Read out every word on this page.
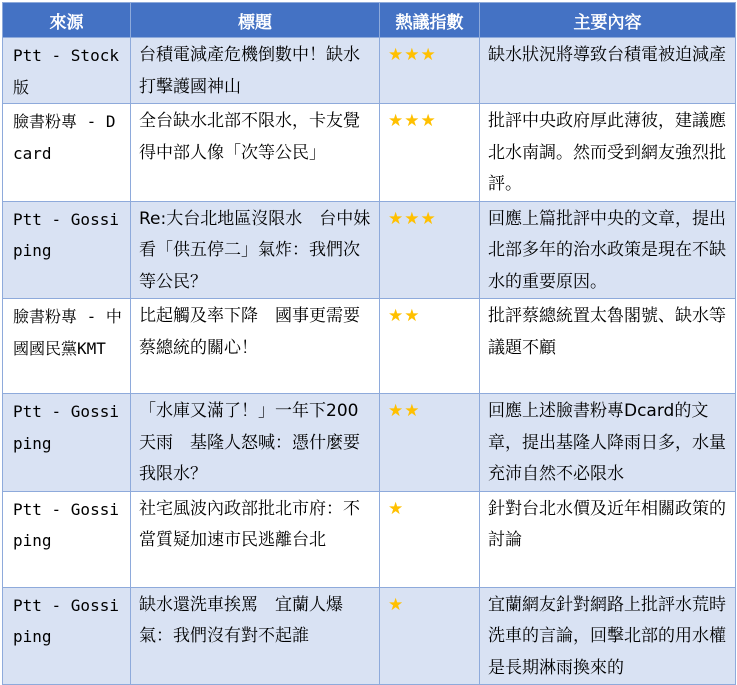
來源	標題	熱議指數	主要內容
Ptt - Stock版	台積電減產危機倒數中！缺水打擊護國神山	★★★	缺水狀況將導致台積電被迫減產
臉書粉專 - Dcard	全台缺水北部不限水，卡友覺得中部人像「次等公民」	★★★	批評中央政府厚此薄彼，建議應北水南調。然而受到網友強烈批評。
Ptt - Gossiping	Re:大台北地區沒限水　台中妹看「供五停二」氣炸：我們次等公民？	★★★	回應上篇批評中央的文章，提出北部多年的治水政策是現在不缺水的重要原因。
臉書粉專 - 中國國民黨KMT	比起觸及率下降　國事更需要蔡總統的關心！	★★	批評蔡總統置太魯閣號、缺水等議題不顧
Ptt - Gossiping	「水庫又滿了！」一年下200天雨　基隆人怒喊：憑什麼要我限水？	★★	回應上述臉書粉專Dcard的文章，提出基隆人降雨日多，水量充沛自然不必限水
Ptt - Gossiping	社宅風波內政部批北市府：不當質疑加速市民逃離台北	★	針對台北水價及近年相關政策的討論
Ptt - Gossiping	缺水還洗車挨罵　宜蘭人爆氣：我們沒有對不起誰	★	宜蘭網友針對網路上批評水荒時洗車的言論，回擊北部的用水權是長期淋雨換來的
